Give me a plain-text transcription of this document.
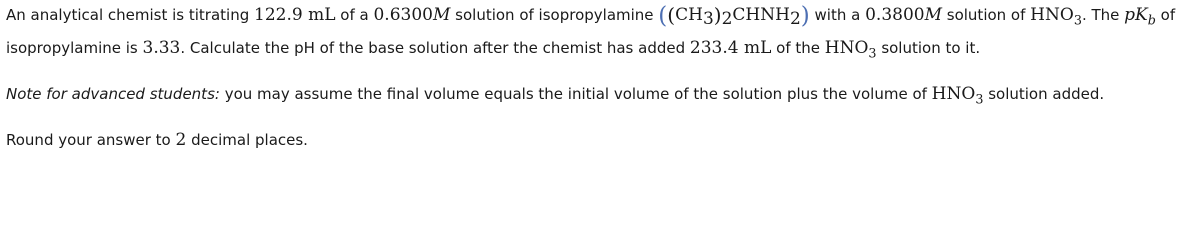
An analytical chemist is titrating 122.9 mL of a 0.6300M solution of isopropylamine $((CH_3)_2CHNH_2)$ with a 0.3800M solution of $HNO_3$. The $pK_b$ of
isopropylamine is 3.33. Calculate the pH of the base solution after the chemist has added 233.4 mL of the $HNO_3$ solution to it.
Note for advanced students: you may assume the final volume equals the initial volume of the solution plus the volume of $HNO_3$ solution added.
Round your answer to 2 decimal places.
